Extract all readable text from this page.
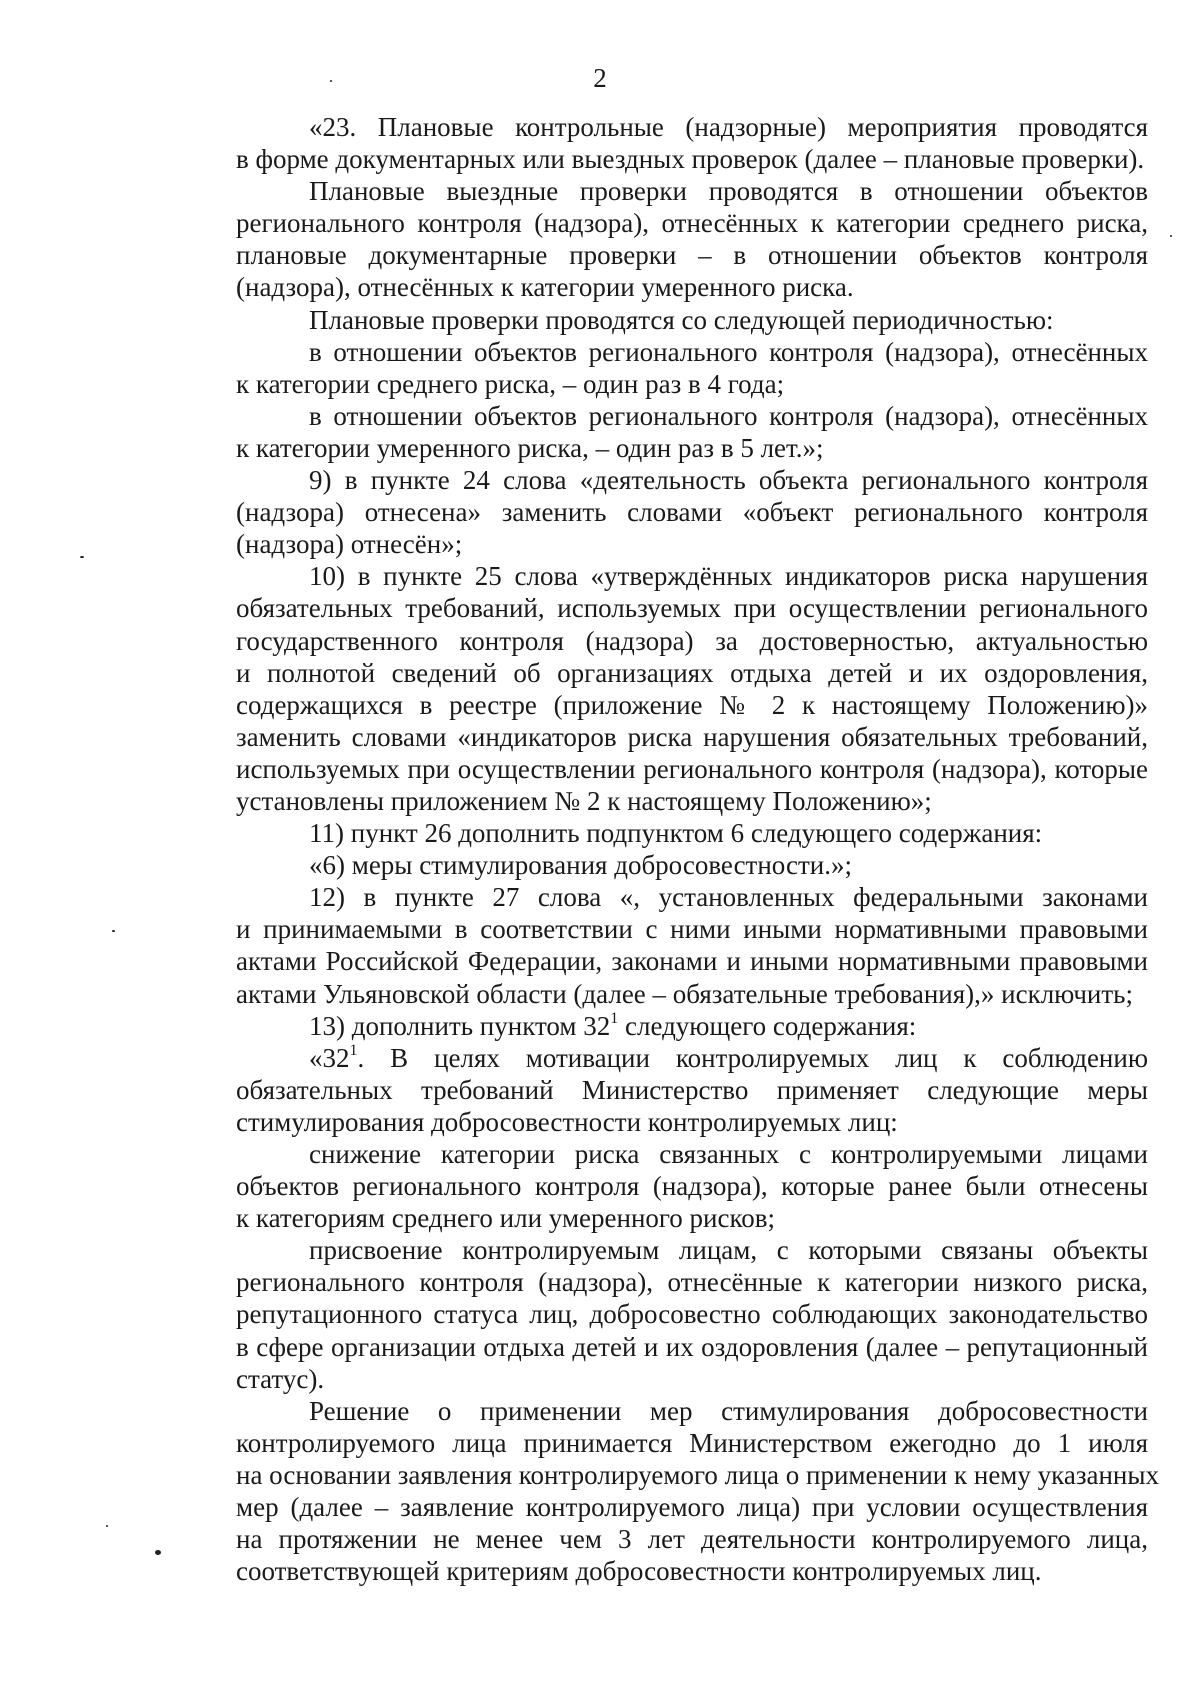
2
«23. Плановые контрольные (надзорные) мероприятия проводятся
в форме документарных или выездных проверок (далее – плановые проверки).
Плановые выездные проверки проводятся в отношении объектов
регионального контроля (надзора), отнесённых к категории среднего риска,
плановые документарные проверки – в отношении объектов контроля
(надзора), отнесённых к категории умеренного риска.
Плановые проверки проводятся со следующей периодичностью:
в отношении объектов регионального контроля (надзора), отнесённых
к категории среднего риска, – один раз в 4 года;
в отношении объектов регионального контроля (надзора), отнесённых
к категории умеренного риска, – один раз в 5 лет.»;
9) в пункте 24 слова «деятельность объекта регионального контроля
(надзора) отнесена» заменить словами «объект регионального контроля
(надзора) отнесён»;
10) в пункте 25 слова «утверждённых индикаторов риска нарушения
обязательных требований, используемых при осуществлении регионального
государственного контроля (надзора) за достоверностью, актуальностью
и полнотой сведений об организациях отдыха детей и их оздоровления,
содержащихся в реестре (приложение № 2 к настоящему Положению)»
заменить словами «индикаторов риска нарушения обязательных требований,
используемых при осуществлении регионального контроля (надзора), которые
установлены приложением № 2 к настоящему Положению»;
11) пункт 26 дополнить подпунктом 6 следующего содержания:
«6) меры стимулирования добросовестности.»;
12) в пункте 27 слова «, установленных федеральными законами
и принимаемыми в соответствии с ними иными нормативными правовыми
актами Российской Федерации, законами и иными нормативными правовыми
актами Ульяновской области (далее – обязательные требования),» исключить;
13) дополнить пунктом $32^1$ следующего содержания:
«$32^1$. В целях мотивации контролируемых лиц к соблюдению
обязательных требований Министерство применяет следующие меры
стимулирования добросовестности контролируемых лиц:
снижение категории риска связанных с контролируемыми лицами
объектов регионального контроля (надзора), которые ранее были отнесены
к категориям среднего или умеренного рисков;
присвоение контролируемым лицам, с которыми связаны объекты
регионального контроля (надзора), отнесённые к категории низкого риска,
репутационного статуса лиц, добросовестно соблюдающих законодательство
в сфере организации отдыха детей и их оздоровления (далее – репутационный
статус).
Решение о применении мер стимулирования добросовестности
контролируемого лица принимается Министерством ежегодно до 1 июля
на основании заявления контролируемого лица о применении к нему указанных
мер (далее – заявление контролируемого лица) при условии осуществления
на протяжении не менее чем 3 лет деятельности контролируемого лица,
соответствующей критериям добросовестности контролируемых лиц.
